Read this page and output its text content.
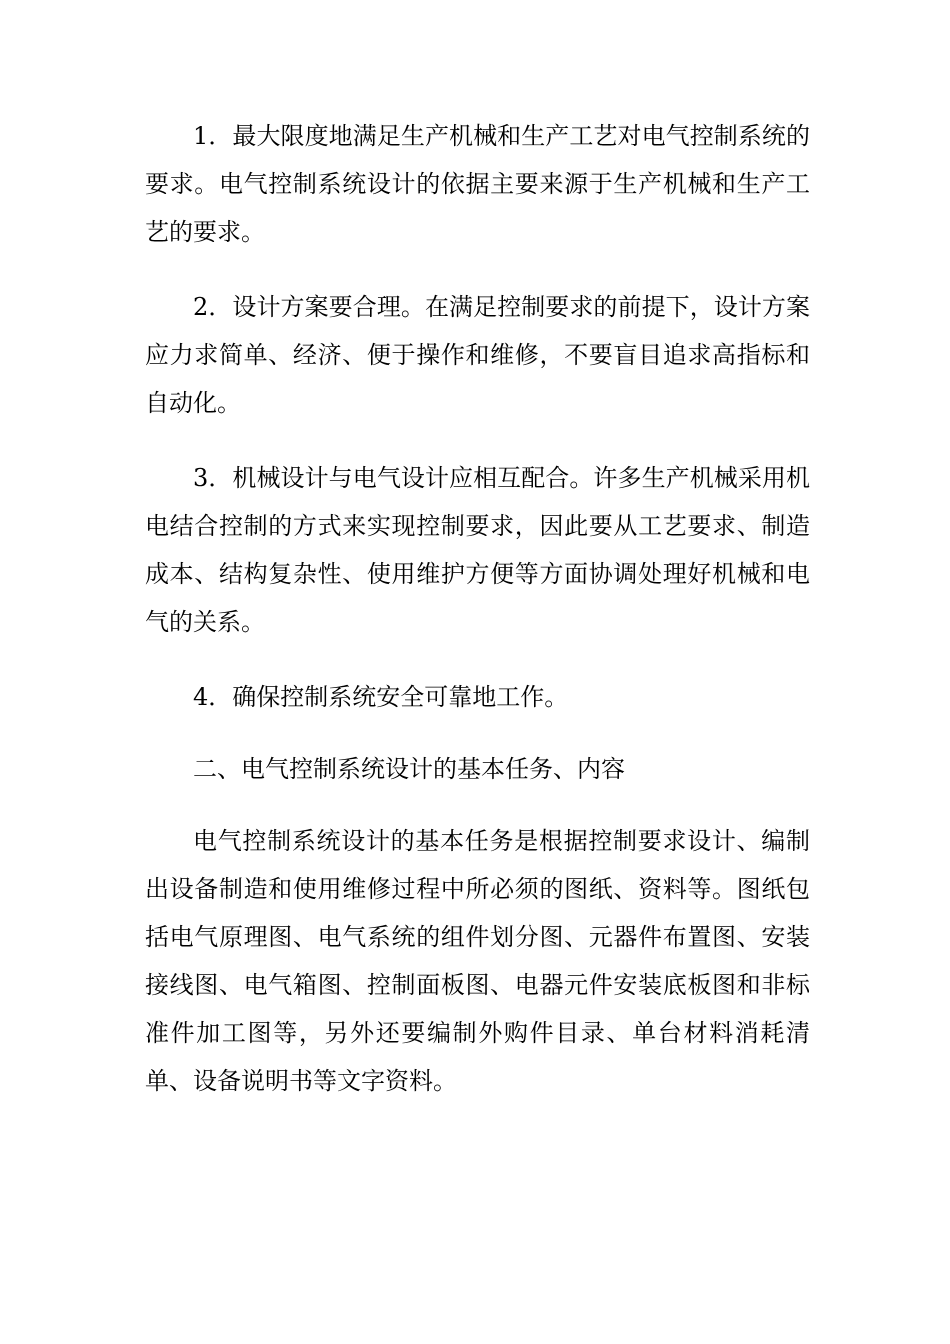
1．最大限度地满足生产机械和生产工艺对电气控制系统的要求。电气控制系统设计的依据主要来源于生产机械和生产工艺的要求。

2．设计方案要合理。在满足控制要求的前提下，设计方案应力求简单、经济、便于操作和维修，不要盲目追求高指标和自动化。

3．机械设计与电气设计应相互配合。许多生产机械采用机电结合控制的方式来实现控制要求，因此要从工艺要求、制造成本、结构复杂性、使用维护方便等方面协调处理好机械和电气的关系。

4．确保控制系统安全可靠地工作。

二、电气控制系统设计的基本任务、内容

电气控制系统设计的基本任务是根据控制要求设计、编制出设备制造和使用维修过程中所必须的图纸、资料等。图纸包括电气原理图、电气系统的组件划分图、元器件布置图、安装接线图、电气箱图、控制面板图、电器元件安装底板图和非标准件加工图等，另外还要编制外购件目录、单台材料消耗清单、设备说明书等文字资料。
